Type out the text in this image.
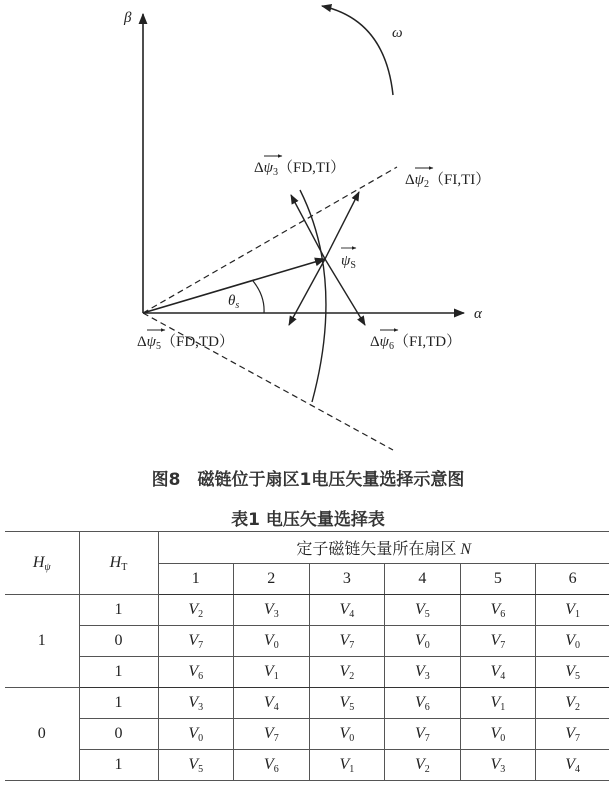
β
α
ω
$\theta_s$
$\psi_S$
$\Delta\psi_3(FD,TI)$
$\Delta\psi_2(FI,TI)$
$\Delta\psi_5(FD,TD)$	$\Delta\psi_6(FI,TD)$
图8　磁链位于扇区1电压矢量选择示意图
表1 电压矢量选择表
$H_\psi$	$H_T$	定子磁链矢量所在扇区 N					
		1	2	3	4	5	6
1	1	$V_2$	$V_3$	$V_4$	$V_5$	$V_6$	$V_1$
	0	$V_7$	$V_0$	$V_7$	$V_0$	$V_7$	$V_0$
	1	$V_6$	$V_1$	$V_2$	$V_3$	$V_4$	$V_5$
0	1	$V_3$	$V_4$	$V_5$	$V_6$	$V_1$	$V_2$
	0	$V_0$	$V_7$	$V_0$	$V_7$	$V_0$	$V_7$
	1	$V_5$	$V_6$	$V_1$	$V_2$	$V_3$	$V_4$
